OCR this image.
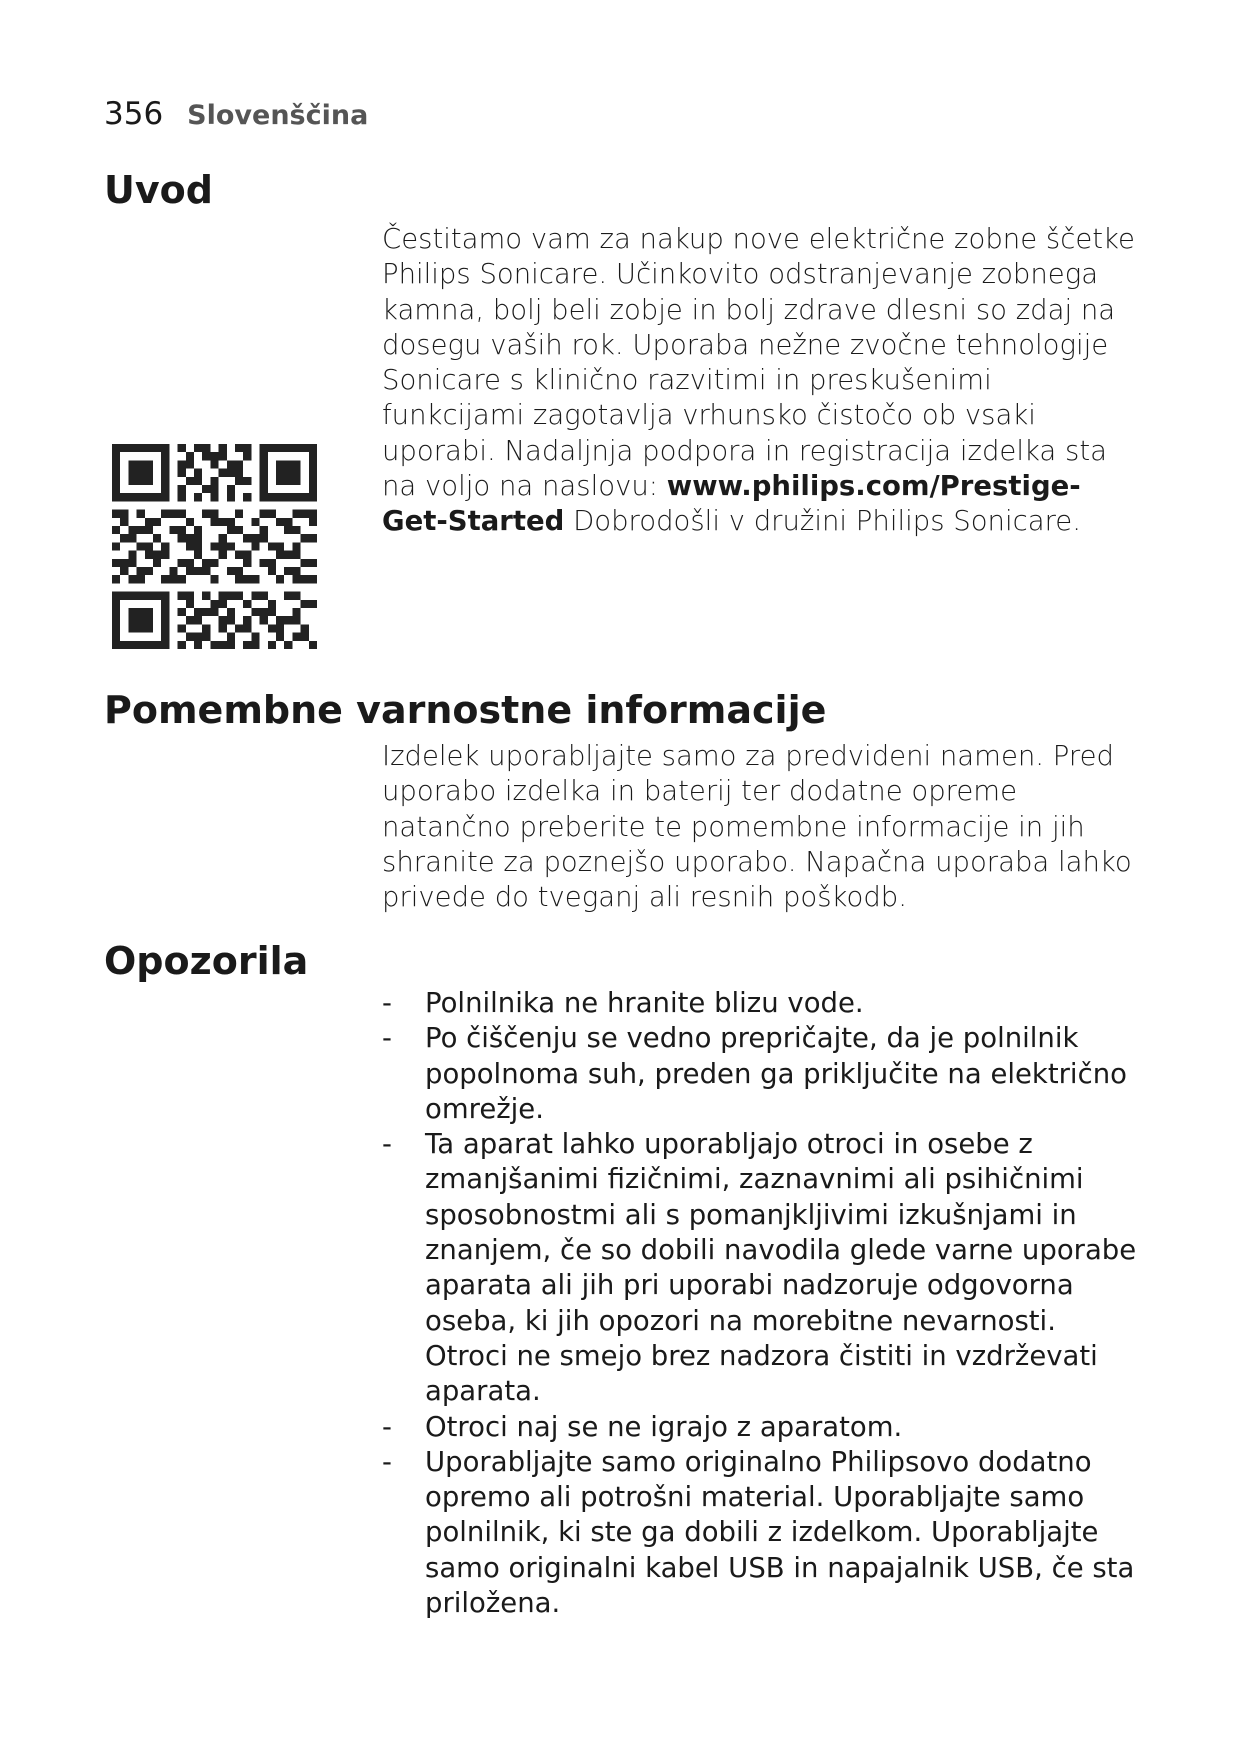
356 Slovenščina
Uvod

Čestitamo vam za nakup nove električne zobne ščetke Philips Sonicare. Učinkovito odstranjevanje zobnega kamna, bolj beli zobje in bolj zdrave dlesni so zdaj na dosegu vaših rok. Uporaba nežne zvočne tehnologije Sonicare s klinično razvitimi in preskušenimi funkcijami zagotavlja vrhunsko čistočo ob vsaki uporabi. Nadaljnja podpora in registracija izdelka sta na voljo na naslovu: www.philips.com/Prestige-Get-Started Dobrodošli v družini Philips Sonicare.

Pomembne varnostne informacije

Izdelek uporabljajte samo za predvideni namen. Pred uporabo izdelka in baterij ter dodatne opreme natančno preberite te pomembne informacije in jih shranite za poznejšo uporabo. Napačna uporaba lahko privede do tveganj ali resnih poškodb.

Opozorila
- Polnilnika ne hranite blizu vode.
- Po čiščenju se vedno prepričajte, da je polnilnik popolnoma suh, preden ga priključite na električno omrežje.
- Ta aparat lahko uporabljajo otroci in osebe z zmanjšanimi fizičnimi, zaznavnimi ali psihičnimi sposobnostmi ali s pomanjkljivimi izkušnjami in znanjem, če so dobili navodila glede varne uporabe aparata ali jih pri uporabi nadzoruje odgovorna oseba, ki jih opozori na morebitne nevarnosti. Otroci ne smejo brez nadzora čistiti in vzdrževati aparata.
- Otroci naj se ne igrajo z aparatom.
- Uporabljajte samo originalno Philipsovo dodatno opremo ali potrošni material. Uporabljajte samo polnilnik, ki ste ga dobili z izdelkom. Uporabljajte samo originalni kabel USB in napajalnik USB, če sta priložena.
